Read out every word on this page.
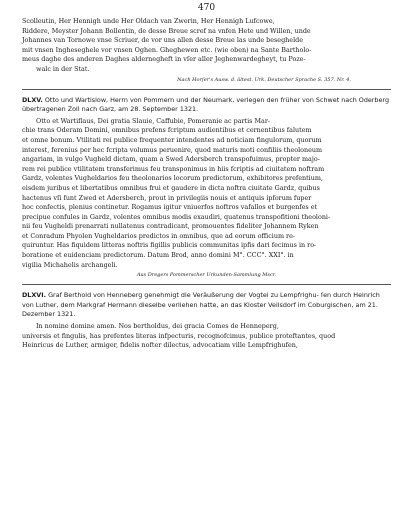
470

Scolleutin, Her Hennigh unde Her Oldach van Zwerin, Her Hennigh Lufcowe,

Riddere, Meyster Johann Bollentin, de desse Breue scref na vnfen Hete und Willen, unde

Johannes van Tornowe vnse Scriuer, de vor uns allen desse Breue las unde beseghelde

mit vnsen Ingheseghele vor vnsen Oghen. Gheghewen etc. (wie oben) na Sante Bartholo-

meus daghe des anderen Daghes aldernegheft in vſer aller Jeghenwardegheyt, tu Poze-

walc in der Stat.

Nach Horſer's Ausw. d. ältest. Urk. Deutscher Sprache S. 357. Nr. 4.
DLXV. Otto und Wartislow, Herrn von Pommern und der Neumark, verlegen den früher von Schwet nach Oderberg übertragenen Zoll nach Garz, am 28. September 1321.

Otto et Wartiflaus, Dei gratia Slauie, Caffubie, Pomeranie ac partis Mar-

chie trans Oderam Domini, omnibus prefens fcriptum audientibus et cernentibus falutem

et omne bonum. Vtilitati rei publice frequenter intendentes ad noticiam fingulorum, quorum

interest, ferenius per hec fcripta volumus peruenire, quod maturis moti confiliis theoloneum

angariam, in vulgo Vugheld dictam, quam a Swed Adersberch transpofuimus, propter majo-

rem rei publice vtilitatem transferimus feu transponimus in hiis fcriptis ad ciuitatem noftram

Gardz, volentes Vugheldarios feu theolonarios locorum predictorum, exhibitores prefentium,

eisdem juribus et libertatibus omnibus frui et gaudere in dicta noftra ciuitate Gardz, quibus

hactenus vſi funt Zwed et Adersberch, prout in privilegiis nouis et antiquis ipforum fuper

hoc confectis, plenius continetur. Rogamus igitur vniuerfos noftros vafallos et burgenfes et

precipue confules in Gardz, volentes omnibus modis exaudiri, quatenus transpofitioni theoloni-

nii feu Vugheldi prenarrati nullatenus contradicant, promouentes fideliter Johannem Ryken

et Conradum Phyolen Vugheldarios predictos in omnibus, que ad eorum officium re-

quiruntur. Has fiquidem litteras noftris figillis publicis communitas ipfis dari fecimus in ro-

boratione et euidenciam predictorum. Datum Brod, anno domini M°. CCC°. XXI°. in

vigilia Michahelis archangeli.

Aus Dregers Pommerscher Urkunden-Sammlung Mscr.
DLXVI. Graf Berthold von Henneberg genehmigt die Veräußerung der Vogtei zu Lempfrighu- ſen durch Heinrich von Luther, dem Markgraf Hermann dieselbe verliehen hatte, an das Kloster Veilsdorf im Coburgischen, am 21. Dezember 1321.

In nomine domine amen. Nos bertholdus, dei gracia Comes de Henneperg,

universis et fingulis, has prefentes literas infpecturis, recognofcimus, publice proteftantes, quod

Heinricus de Luther, armiger, fidelis nofter dilectus, advocatiam ville Lempfrighufen,
